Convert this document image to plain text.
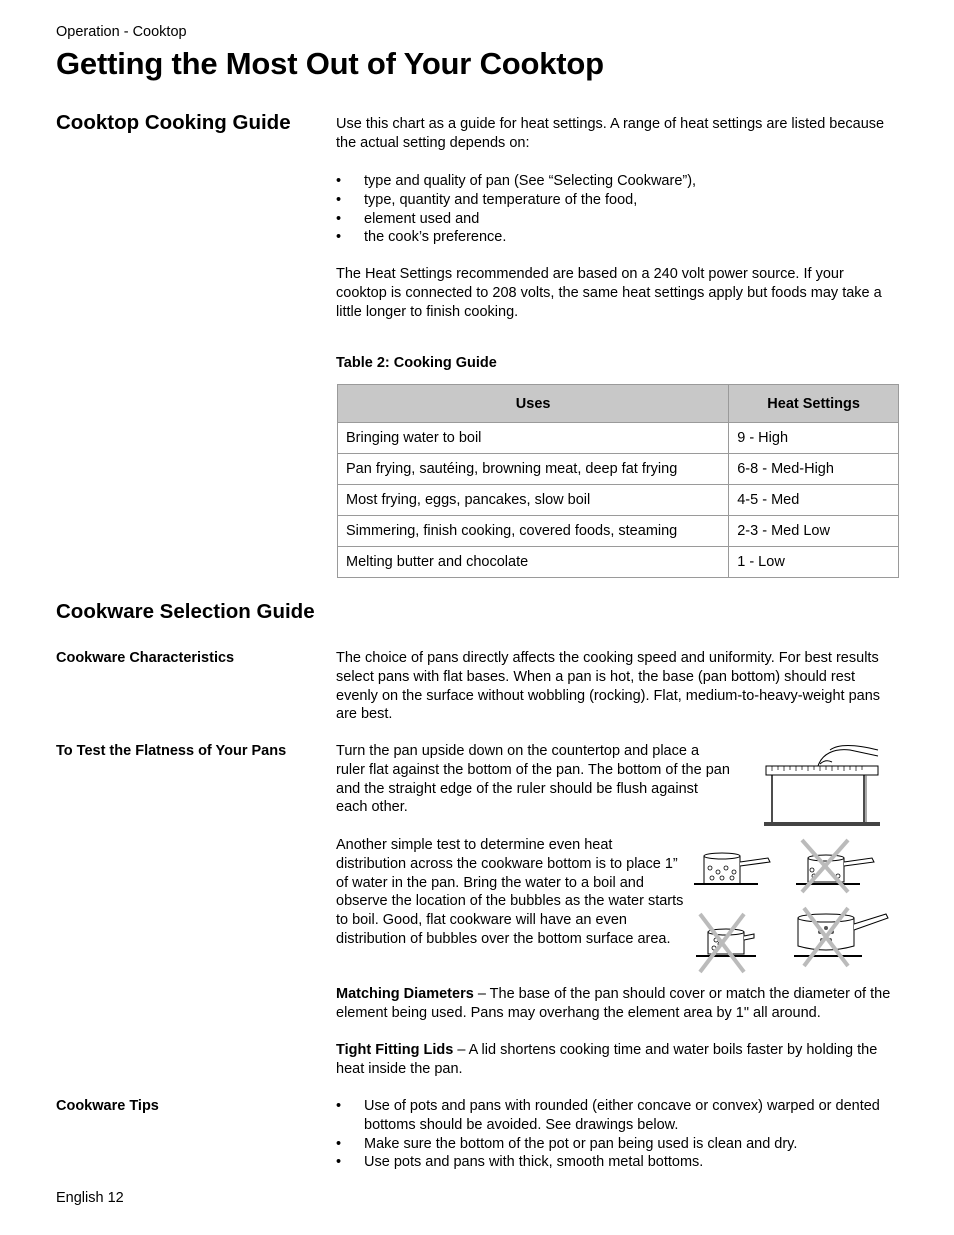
Operation - Cooktop
Getting the Most Out of Your Cooktop
Cooktop Cooking Guide	Use this chart as a guide for heat settings. A range of heat settings are listed because the actual setting depends on:

• type and quality of pan (See “Selecting Cookware”),
• type, quantity and temperature of the food,
• element used and
• the cook’s preference.

The Heat Settings recommended are based on a 240 volt power source. If your cooktop is connected to 208 volts, the same heat settings apply but foods may take a little longer to finish cooking.

Table 2: Cooking Guide
Uses	Heat Settings
Bringing water to boil	9 - High
Pan frying, sautéing, browning meat, deep fat frying	6-8 - Med-High
Most frying, eggs, pancakes, slow boil	4-5 - Med
Simmering, finish cooking, covered foods, steaming	2-3 - Med Low
Melting butter and chocolate	1 - Low
Cookware Selection Guide
Cookware Characteristics	The choice of pans directly affects the cooking speed and uniformity. For best results select pans with flat bases. When a pan is hot, the base (pan bottom) should rest evenly on the surface without wobbling (rocking). Flat, medium-to-heavy-weight pans are best.

To Test the Flatness of Your Pans	Turn the pan upside down on the countertop and place a ruler flat against the bottom of the pan. The bottom of the pan and the straight edge of the ruler should be flush against each other.

Another simple test to determine even heat distribution across the cookware bottom is to place 1” of water in the pan. Bring the water to a boil and observe the location of the bubbles as the water starts to boil. Good, flat cookware will have an even distribution of bubbles over the bottom surface area.

Matching Diameters – The base of the pan should cover or match the diameter of the element being used. Pans may overhang the element area by 1" all around.

Tight Fitting Lids – A lid shortens cooking time and water boils faster by holding the heat inside the pan.

Cookware Tips	• Use of pots and pans with rounded (either concave or convex) warped or dented bottoms should be avoided. See drawings below.
• Make sure the bottom of the pot or pan being used is clean and dry.
• Use pots and pans with thick, smooth metal bottoms.
English 12
